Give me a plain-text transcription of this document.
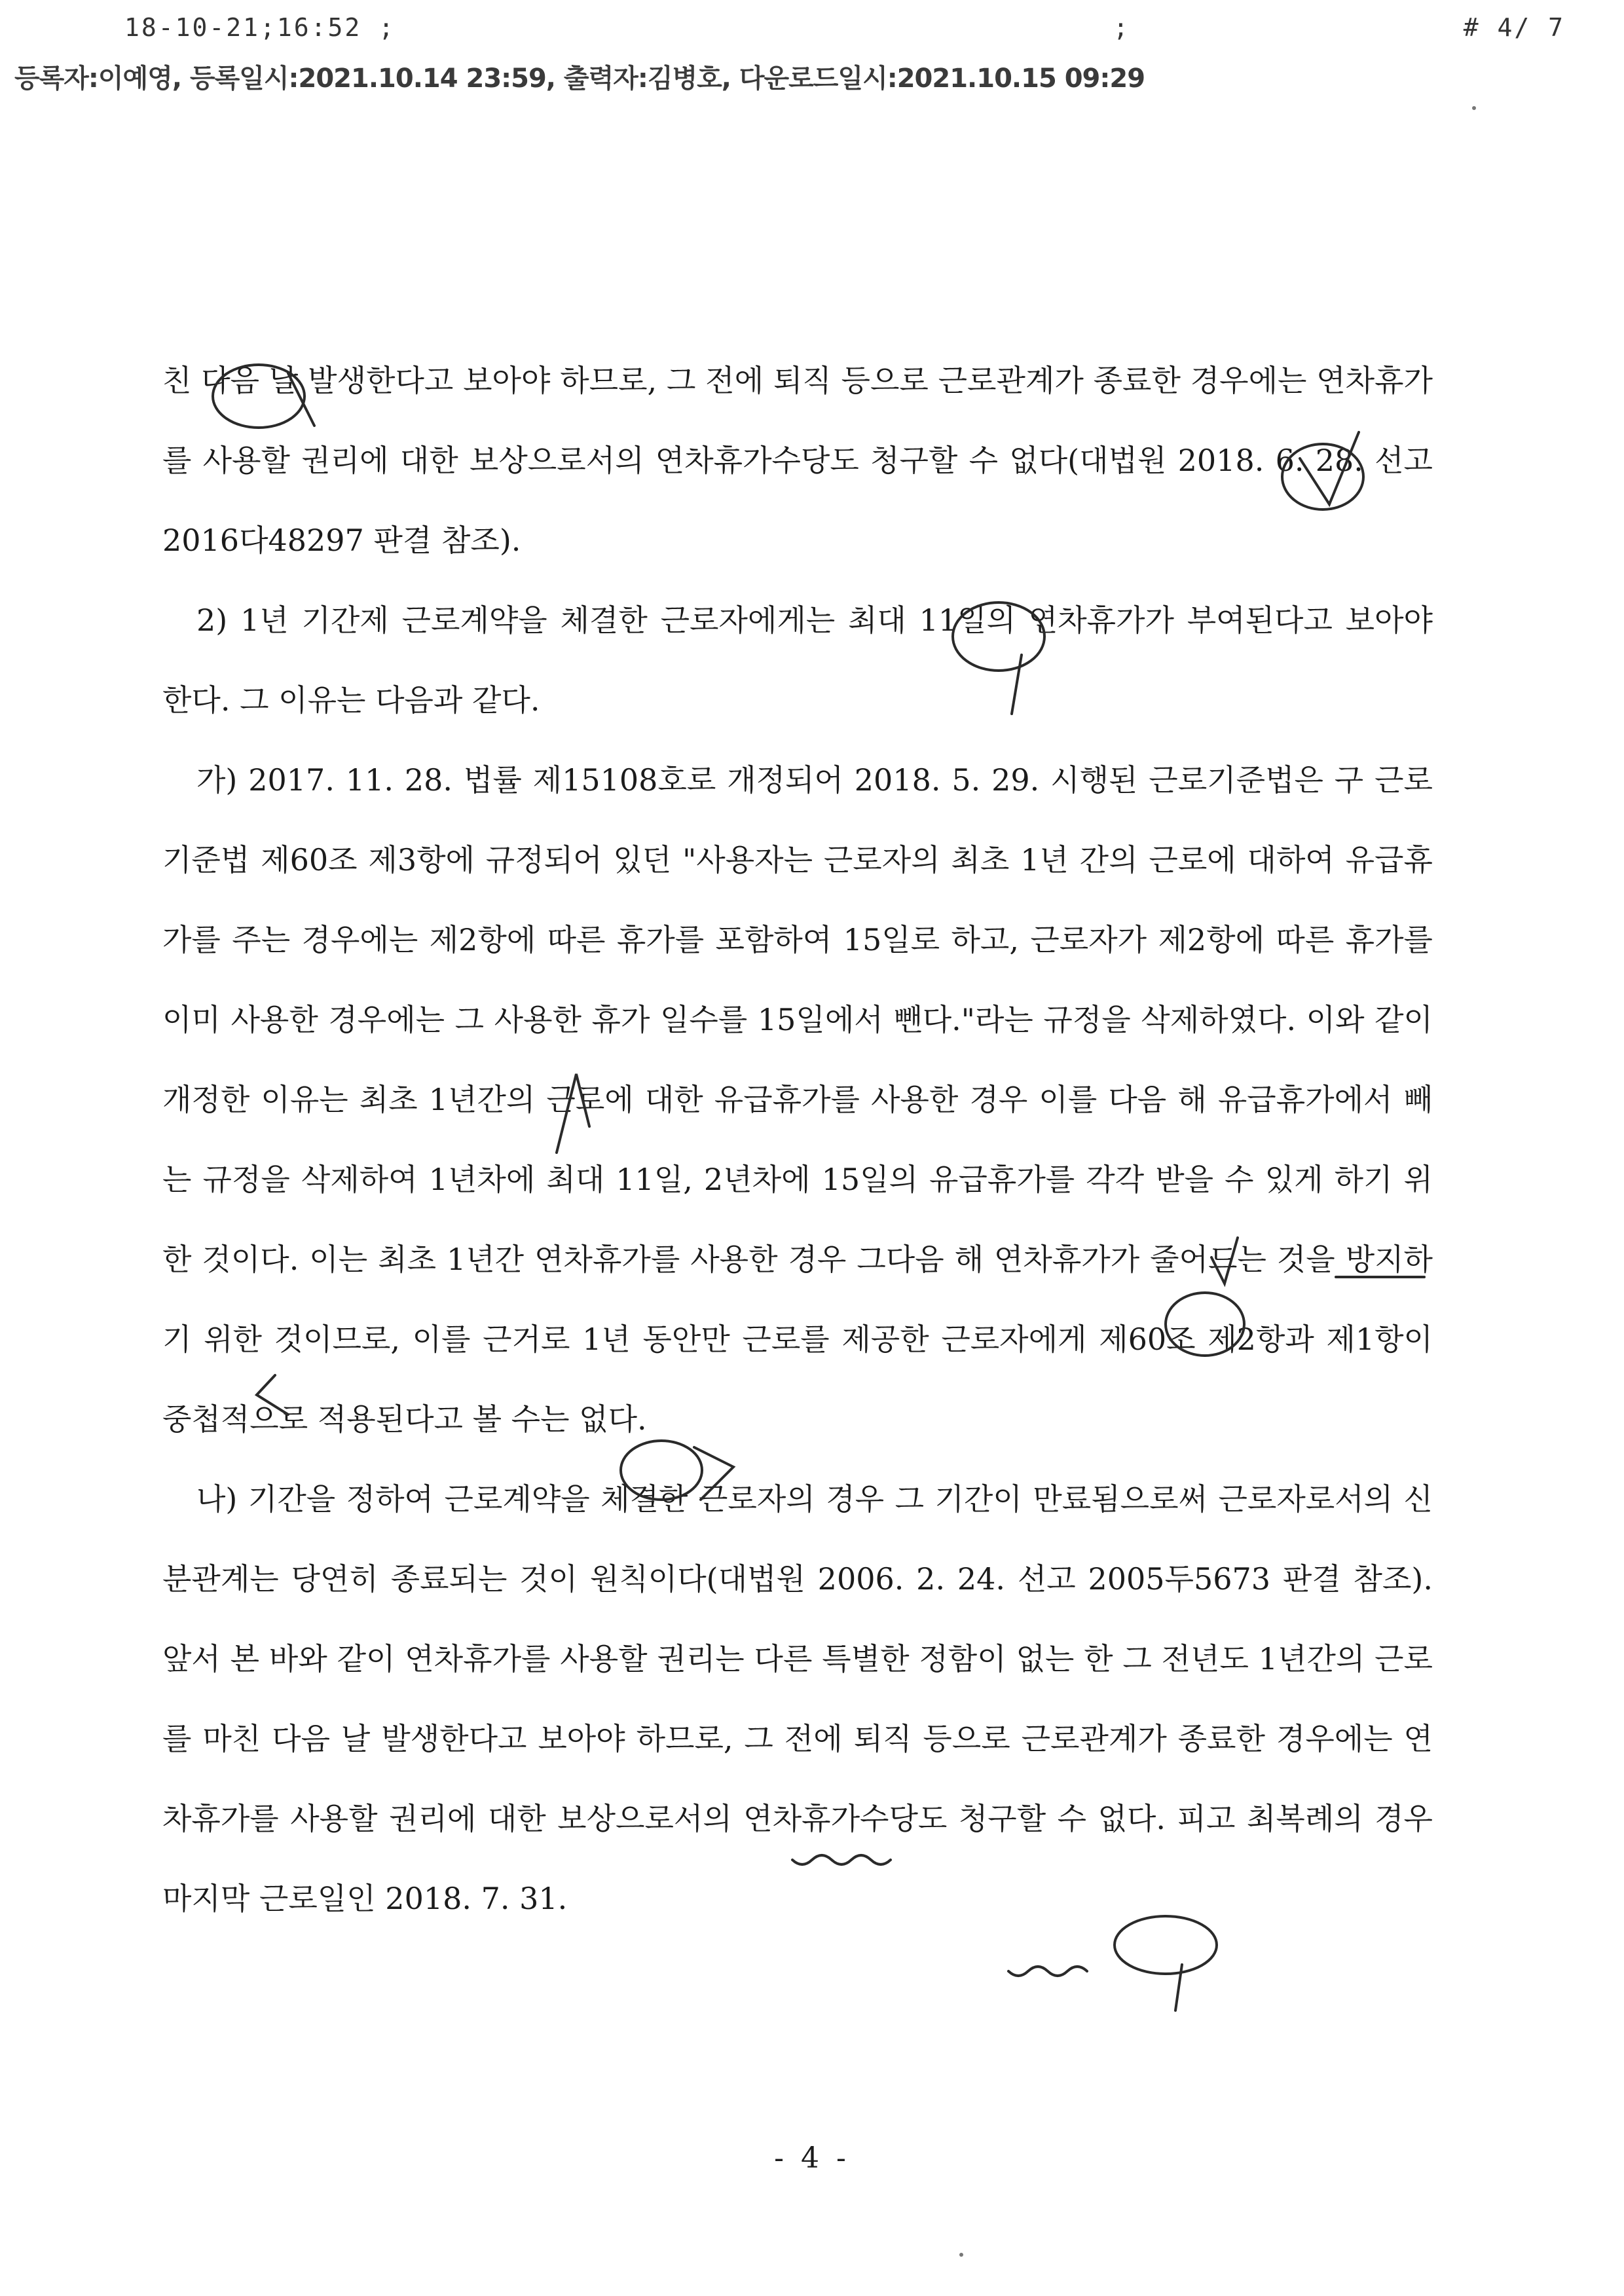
18-10-21;16:52 ;	;	# 4/ 7
등록자:이예영, 등록일시:2021.10.14 23:59, 출력자:김병호, 다운로드일시:2021.10.15 09:29

친 다음 날 발생한다고 보아야 하므로, 그 전에 퇴직 등으로 근로관계가 종료한 경우에는 연차휴가를 사용할 권리에 대한 보상으로서의 연차휴가수당도 청구할 수 없다(대법원 2018. 6. 28. 선고 2016다48297 판결 참조).

2) 1년 기간제 근로계약을 체결한 근로자에게는 최대 11일의 연차휴가가 부여된다고 보아야 한다. 그 이유는 다음과 같다.

가) 2017. 11. 28. 법률 제15108호로 개정되어 2018. 5. 29. 시행된 근로기준법은 구 근로기준법 제60조 제3항에 규정되어 있던 "사용자는 근로자의 최초 1년 간의 근로에 대하여 유급휴가를 주는 경우에는 제2항에 따른 휴가를 포함하여 15일로 하고, 근로자가 제2항에 따른 휴가를 이미 사용한 경우에는 그 사용한 휴가 일수를 15일에서 뺀다."라는 규정을 삭제하였다. 이와 같이 개정한 이유는 최초 1년간의 근로에 대한 유급휴가를 사용한 경우 이를 다음 해 유급휴가에서 빼는 규정을 삭제하여 1년차에 최대 11일, 2년차에 15일의 유급휴가를 각각 받을 수 있게 하기 위한 것이다. 이는 최초 1년간 연차휴가를 사용한 경우 그다음 해 연차휴가가 줄어드는 것을 방지하기 위한 것이므로, 이를 근거로 1년 동안만 근로를 제공한 근로자에게 제60조 제2항과 제1항이 중첩적으로 적용된다고 볼 수는 없다.

나) 기간을 정하여 근로계약을 체결한 근로자의 경우 그 기간이 만료됨으로써 근로자로서의 신분관계는 당연히 종료되는 것이 원칙이다(대법원 2006. 2. 24. 선고 2005두5673 판결 참조). 앞서 본 바와 같이 연차휴가를 사용할 권리는 다른 특별한 정함이 없는 한 그 전년도 1년간의 근로를 마친 다음 날 발생한다고 보아야 하므로, 그 전에 퇴직 등으로 근로관계가 종료한 경우에는 연차휴가를 사용할 권리에 대한 보상으로서의 연차휴가수당도 청구할 수 없다. 피고 최복례의 경우 마지막 근로일인 2018. 7. 31.

- 4 -
